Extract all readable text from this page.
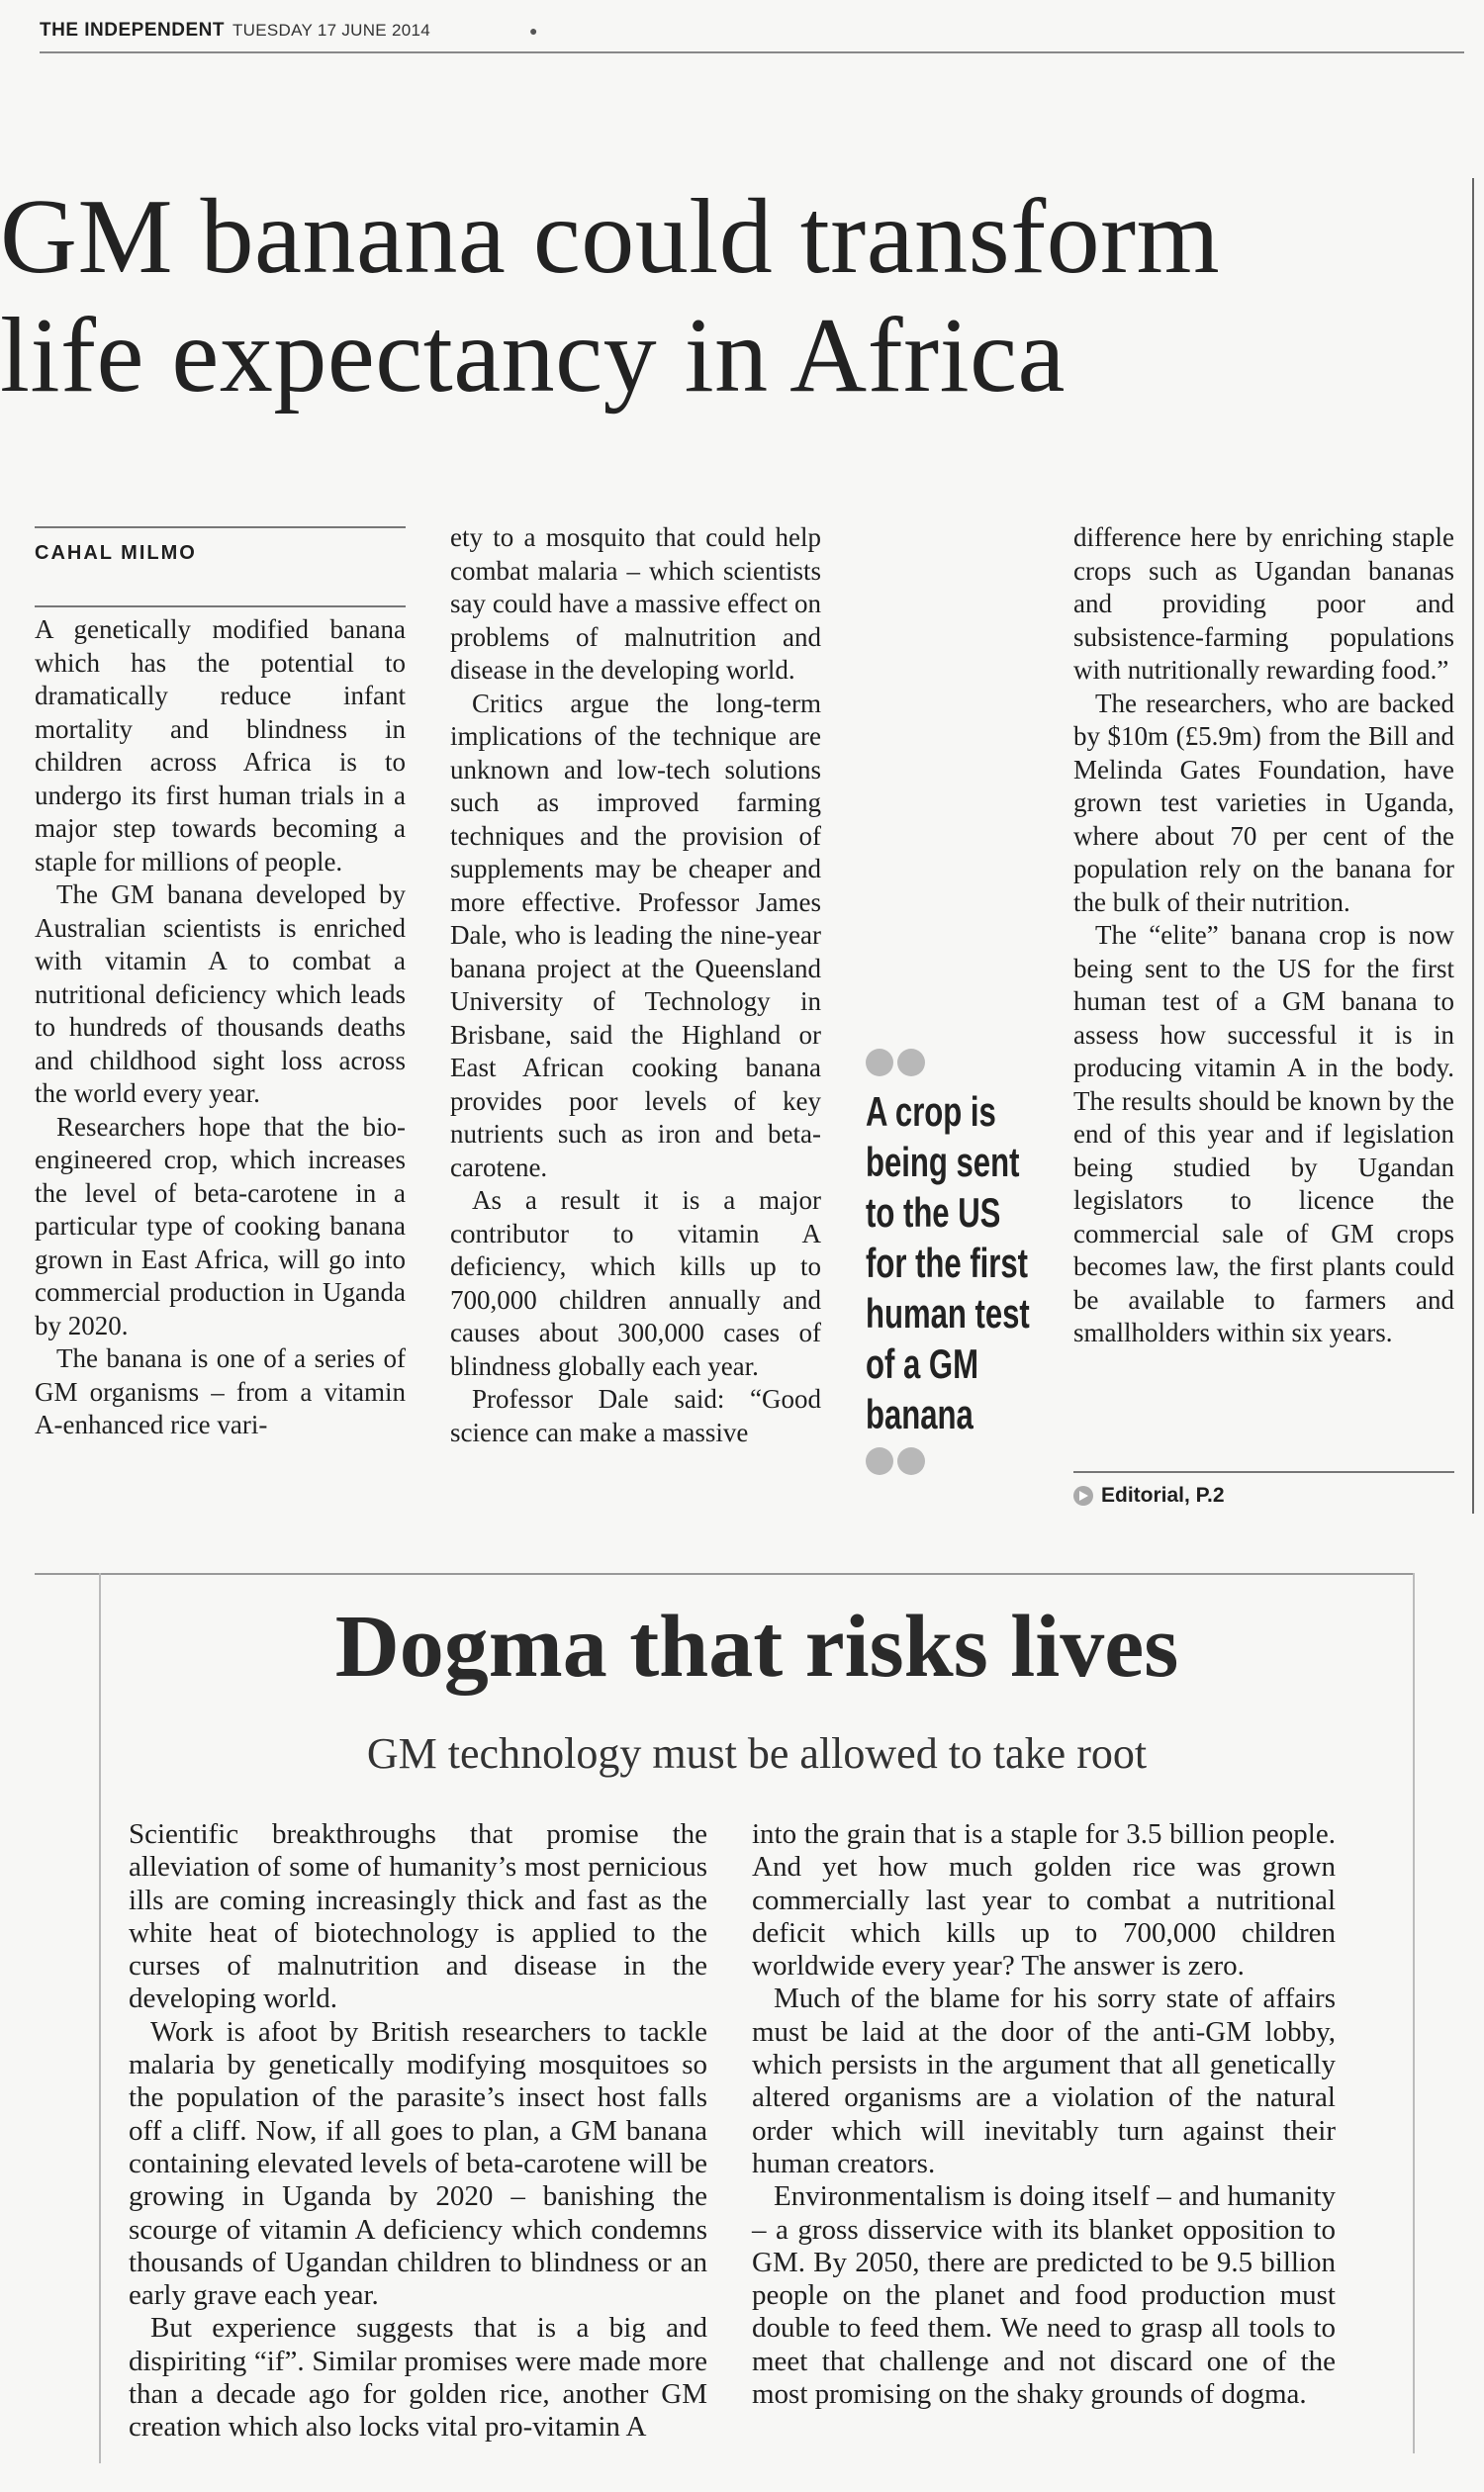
THE INDEPENDENT TUESDAY 17 JUNE 2014	●
GM banana could transform
life expectancy in Africa
CAHAL MILMO

A genetically modified banana which has the potential to dramatically reduce infant mortality and blindness in children across Africa is to undergo its first human trials in a major step towards becoming a staple for millions of people.

The GM banana developed by Australian scientists is enriched with vitamin A to combat a nutritional deficiency which leads to hundreds of thousands deaths and childhood sight loss across the world every year.

Researchers hope that the bio-engineered crop, which increases the level of beta-carotene in a particular type of cooking banana grown in East Africa, will go into commercial production in Uganda by 2020.

The banana is one of a series of GM organisms – from a vitamin A-enhanced rice vari-

ety to a mosquito that could help combat malaria – which scientists say could have a massive effect on problems of malnutrition and disease in the developing world.

Critics argue the long-term implications of the technique are unknown and low-tech solutions such as improved farming techniques and the provision of supplements may be cheaper and more effective. Professor James Dale, who is leading the nine-year banana project at the Queensland University of Technology in Brisbane, said the Highland or East African cooking banana provides poor levels of key nutrients such as iron and beta-carotene.

As a result it is a major contributor to vitamin A deficiency, which kills up to 700,000 children annually and causes about 300,000 cases of blindness globally each year.

Professor Dale said: “Good science can make a massive

A crop is being sent to the US for the first human test of a GM banana

difference here by enriching staple crops such as Ugandan bananas and providing poor and subsistence-farming populations with nutritionally rewarding food.”

The researchers, who are backed by $10m (£5.9m) from the Bill and Melinda Gates Foundation, have grown test varieties in Uganda, where about 70 per cent of the population rely on the banana for the bulk of their nutrition.

The “elite” banana crop is now being sent to the US for the first human test of a GM banana to assess how successful it is in producing vitamin A in the body. The results should be known by the end of this year and if legislation being studied by Ugandan legislators to licence the commercial sale of GM crops becomes law, the first plants could be available to farmers and smallholders within six years.

Editorial, P.2
Dogma that risks lives

GM technology must be allowed to take root

Scientific breakthroughs that promise the alleviation of some of humanity’s most pernicious ills are coming increasingly thick and fast as the white heat of biotechnology is applied to the curses of malnutrition and disease in the developing world.

Work is afoot by British researchers to tackle malaria by genetically modifying mosquitoes so the population of the parasite’s insect host falls off a cliff. Now, if all goes to plan, a GM banana containing elevated levels of beta-carotene will be growing in Uganda by 2020 – banishing the scourge of vitamin A deficiency which condemns thousands of Ugandan children to blindness or an early grave each year.

But experience suggests that is a big and dispiriting “if”. Similar promises were made more than a decade ago for golden rice, another GM creation which also locks vital pro-vitamin A

into the grain that is a staple for 3.5 billion people. And yet how much golden rice was grown commercially last year to combat a nutritional deficit which kills up to 700,000 children worldwide every year? The answer is zero.

Much of the blame for his sorry state of affairs must be laid at the door of the anti-GM lobby, which persists in the argument that all genetically altered organisms are a violation of the natural order which will inevitably turn against their human creators.

Environmentalism is doing itself – and humanity – a gross disservice with its blanket opposition to GM. By 2050, there are predicted to be 9.5 billion people on the planet and food production must double to feed them. We need to grasp all tools to meet that challenge and not discard one of the most promising on the shaky grounds of dogma.
